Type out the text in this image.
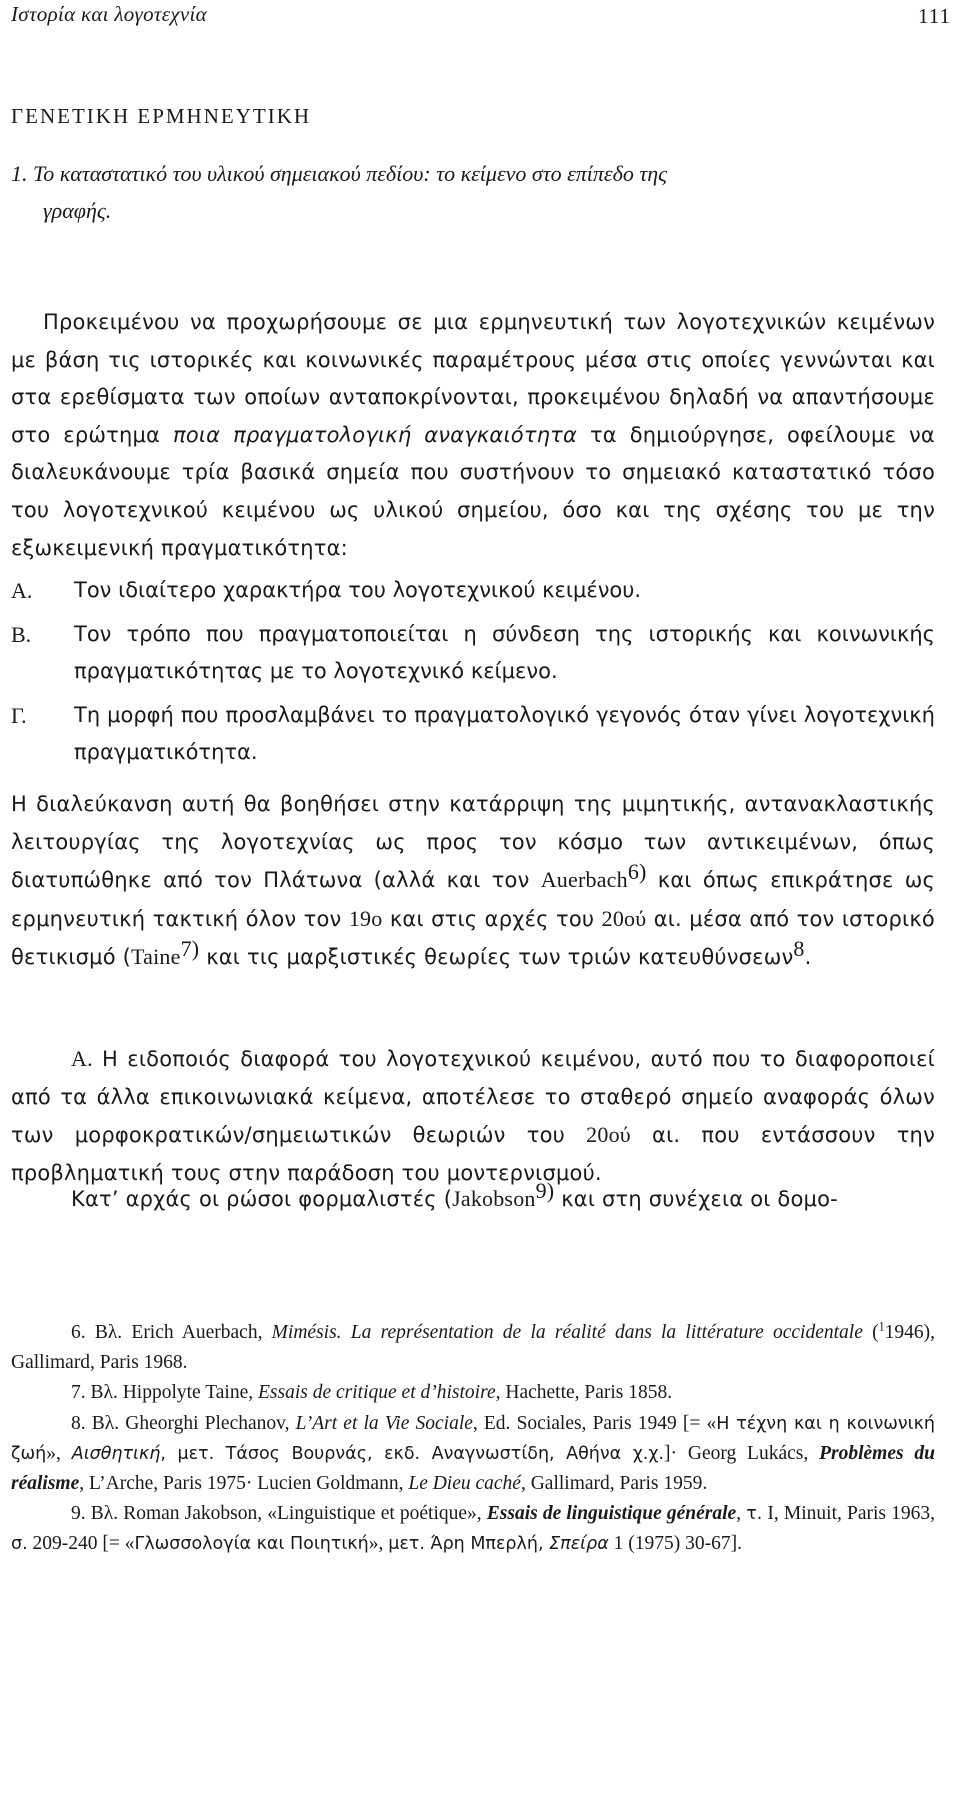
Ιστορία και λογοτεχνία	111
ΓΕΝΕΤΙΚΗ ΕΡΜΗΝΕΥΤΙΚΗ
1. Το καταστατικό του υλικού σημειακού πεδίου: το κείμενο στο επίπεδο της
γραφής.
Προκειμένου να προχωρήσουμε σε μια ερμηνευτική των λογοτεχνικών κειμένων με βάση τις ιστορικές και κοινωνικές παραμέτρους μέσα στις οποίες γεννώνται και στα ερεθίσματα των οποίων ανταποκρίνονται, προκειμένου δηλαδή να απαντήσουμε στο ερώτημα ποια πραγματολογική αναγκαιότητα τα δημιούργησε, οφείλουμε να διαλευκάνουμε τρία βασικά σημεία που συστήνουν το σημειακό καταστατικό τόσο του λογοτεχνικού κειμένου ως υλικού σημείου, όσο και της σχέσης του με την εξωκειμενική πραγματικότητα:
Α. Τον ιδιαίτερο χαρακτήρα του λογοτεχνικού κειμένου.
Β. Τον τρόπο που πραγματοποιείται η σύνδεση της ιστορικής και κοινωνικής πραγματικότητας με το λογοτεχνικό κείμενο.
Γ. Τη μορφή που προσλαμβάνει το πραγματολογικό γεγονός όταν γίνει λογοτεχνική πραγματικότητα.
Η διαλεύκανση αυτή θα βοηθήσει στην κατάρριψη της μιμητικής, αντανακλαστικής λειτουργίας της λογοτεχνίας ως προς τον κόσμο των αντικειμένων, όπως διατυπώθηκε από τον Πλάτωνα (αλλά και τον Auerbach$^{6)}$ και όπως επικράτησε ως ερμηνευτική τακτική όλον τον 19ο και στις αρχές του 20ού αι. μέσα από τον ιστορικό θετικισμό (Taine$^{7)}$ και τις μαρξιστικές θεωρίες των τριών κατευθύνσεων$^8$.
Α. Η ειδοποιός διαφορά του λογοτεχνικού κειμένου, αυτό που το διαφοροποιεί από τα άλλα επικοινωνιακά κείμενα, αποτέλεσε το σταθερό σημείο αναφοράς όλων των μορφοκρατικών/σημειωτικών θεωριών του 20ού αι. που εντάσσουν την προβληματική τους στην παράδοση του μοντερνισμού.
Κατ’ αρχάς οι ρώσοι φορμαλιστές (Jakobson$^{9)}$ και στη συνέχεια οι δομο-

6. Βλ. Erich Auerbach, Mimésis. La représentation de la réalité dans la littérature occidentale ($^1$1946), Gallimard, Paris 1968.

7. Βλ. Hippolyte Taine, Essais de critique et d’histoire, Hachette, Paris 1858.

8. Βλ. Gheorghi Plechanov, L’Art et la Vie Sociale, Ed. Sociales, Paris 1949 [= «Η τέχνη και η κοινωνική ζωή», Αισθητική, μετ. Τάσος Βουρνάς, εκδ. Αναγνωστίδη, Αθήνα χ.χ.]· Georg Lukács, Problèmes du réalisme, L’Arche, Paris 1975· Lucien Goldmann, Le Dieu caché, Gallimard, Paris 1959.

9. Βλ. Roman Jakobson, «Linguistique et poétique», Essais de linguistique générale, τ. I, Minuit, Paris 1963, σ. 209-240 [= «Γλωσσολογία και Ποιητική», μετ. Άρη Μπερλή, Σπείρα 1 (1975) 30-67].
